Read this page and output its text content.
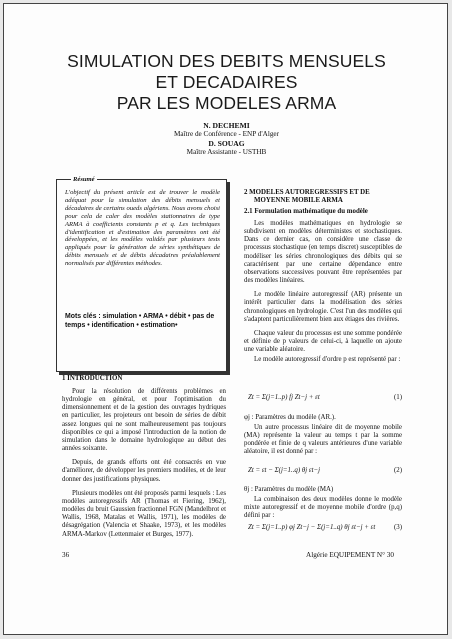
SIMULATION DES DEBITS MENSUELS
ET DECADAIRES
PAR LES MODELES ARMA
N. DECHEMI
Maître de Conférence - ENP d'Alger
D. SOUAG
Maître Assistante - USTHB
Résumé
L'objectif du présent article est de trouver le modèle adéquat pour la simulation des débits mensuels et décadaires de certains oueds algériens. Nous avons choisi pour cela de caler des modèles stationnaires de type ARMA à coefficients constants p et q. Les techniques d'identification et d'estimation des paramètres ont été développées, et les modèles validés par plusieurs tests appliqués pour la génération de séries synthétiques de débits mensuels et de débits décadaires préalablement normalisés par différentes méthodes.
Mots clés : simulation • ARMA • débit • pas de temps • identification • estimation•
1 INTRODUCTION

Pour la résolution de différents problèmes en hydrologie en général, et pour l'optimisation du dimensionnement et de la gestion des ouvrages hydriques en particulier, les projeteurs ont besoin de séries de débit assez longues qui ne sont malheureusement pas toujours disponibles ce qui a imposé l'introduction de la notion de simulation dans le domaine hydrologique au début des années soixante.

Depuis, de grands efforts ont été consacrés en vue d'améliorer, de développer les premiers modèles, et de leur donner des justifications physiques.

Plusieurs modèles ont été proposés parmi lesquels : Les modèles autoregressifs AR (Thomas et Fiering, 1962), modèles du bruit Gaussien fractionnel FGN (Mandelbrot et Wallis, 1968, Matalas et Wallis, 1971), les modèles de désagrégation (Valencia et Shaake, 1973), et les modèles ARMA-Markov (Lettenmaier et Burges, 1977).

2 MODELES AUTOREGRESSIFS ET DE
MOYENNE MOBILE ARMA
2.1 Formulation mathématique du modèle

Les modèles mathématiques en hydrologie se subdivisent en modèles déterministes et stochastiques. Dans ce dernier cas, on considère une classe de processus stochastique (en temps discret) susceptibles de modéliser les séries chronologiques des débits qui se caractérisent par une certaine dépendance entre observations successives pouvant être représentées par des modèles linéaires.

Le modèle linéaire autoregressif (AR) présente un intérêt particulier dans la modélisation des séries chronologiques en hydrologie. C'est l'un des modèles qui s'adaptent particulièrement bien aux étiages des rivières.

Chaque valeur du processus est une somme pondérée et définie de p valeurs de celui-ci, à laquelle on ajoute une variable aléatoire.

Le modèle autoregressif d'ordre p est représenté par :

Zt = Σ(j=1..p) fj Zt−j + εt	(1)
φj : Paramètres du modèle (AR.).

Un autre processus linéaire dit de moyenne mobile (MA) représente la valeur au temps t par la somme pondérée et finie de q valeurs antérieures d'une variable aléatoire, il est donné par :

Zt = εt − Σ(j=1..q) θj εt−j	(2)
θj : Paramètres du modèle (MA)

La combinaison des deux modèles donne le modèle mixte autoregressif et de moyenne mobile d'ordre (p,q) défini par :

Zt = Σ(j=1..p) φj Zt−j − Σ(j=1..q) θj εt−j + εt	(3)
36	Algérie EQUIPEMENT N° 30
